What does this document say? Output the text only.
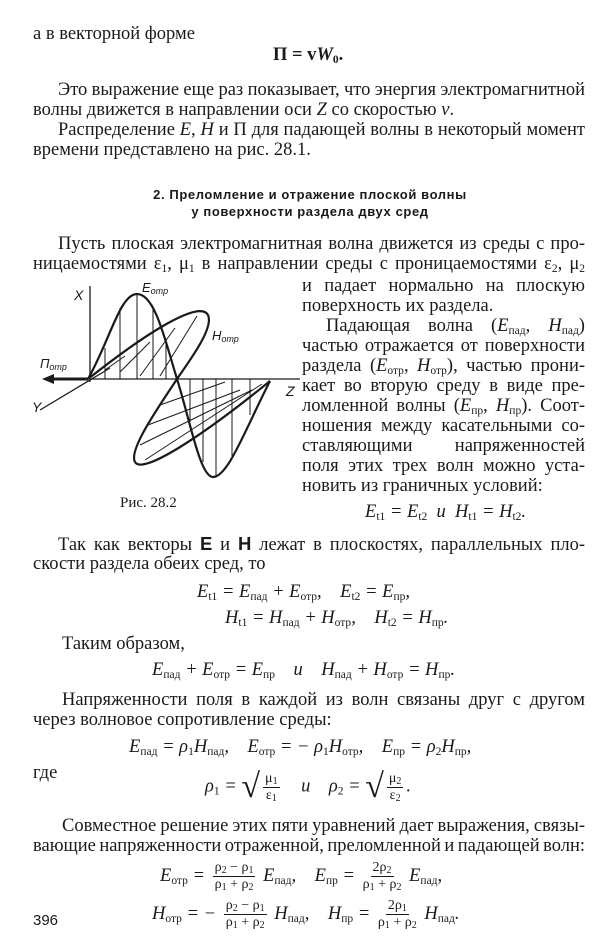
а в векторной форме
$\Pi = vW_0$.
Это выражение еще раз показывает, что энергия электромагнитной
волны движется в направлении оси Z со скоростью v.
Распределение E, H и Π для падающей волны в некоторый момент
времени представлено на рис. 28.1.
2. Преломление и отражение плоской волны
у поверхности раздела двух сред
Пусть плоская электромагнитная волна движется из среды с про-
ницаемостями $\varepsilon_1$, $\mu_1$ в направлении среды с проницаемостями $\varepsilon_2$, $\mu_2$
и падает нормально на плоскую
поверхность их раздела.
Падающая волна ($E_{пад}$, $H_{пад}$)
частью отражается от поверхности
раздела ($E_{отр}$, $H_{отр}$), частью прони-
кает во вторую среду в виде пре-
ломленной волны ($E_{пр}$, $H_{пр}$). Соот-
ношения между касательными со-
ставляющими напряженностей
поля этих трех волн можно уста-
новить из граничных условий:
$E_{t1} = E_{t2}$  и  $H_{t1} = H_{t2}$.
X
Y
Z
Eотр
Hотр
Потр
Рис. 28.2
Так как векторы E и H лежат в плоскостях, параллельных пло-
скости раздела обеих сред, то
$E_{t1} = E_{пад} + E_{отр}$,    $E_{t2} = E_{пр}$,
$H_{t1} = H_{пад} + H_{отр}$,    $H_{t2} = H_{пр}$.
Таким образом,
$E_{пад} + E_{отр} = E_{пр}$    и    $H_{пад} + H_{отр} = H_{пр}$.
Напряженности поля в каждой из волн связаны друг с другом
через волновое сопротивление среды:
$E_{пад} = \rho_1H_{пад}$,    $E_{отр}$ = − $\rho_1H_{отр}$,    $E_{пр} = \rho_2H_{пр}$,
где
$\rho_1$ = √ $\frac{\mu_1}{\varepsilon_1}$ и    $\rho_2$ = √ $\frac{\mu_2}{\varepsilon_2}$ .
Совместное решение этих пяти уравнений дает выражения, связы-
вающие напряженности отраженной, преломленной и падающей волн:
$E_{отр} = \frac{\rho_2 - \rho_1}{\rho_1 + \rho_2} E_{пад}$,    $E_{пр} = \frac{2\rho_2}{\rho_1 + \rho_2} E_{пад}$,
$H_{отр}$ = − $\frac{\rho_2 - \rho_1}{\rho_1 + \rho_2} H_{пад}$,    $H_{пр} = \frac{2\rho_1}{\rho_1 + \rho_2} H_{пад}$.
396
